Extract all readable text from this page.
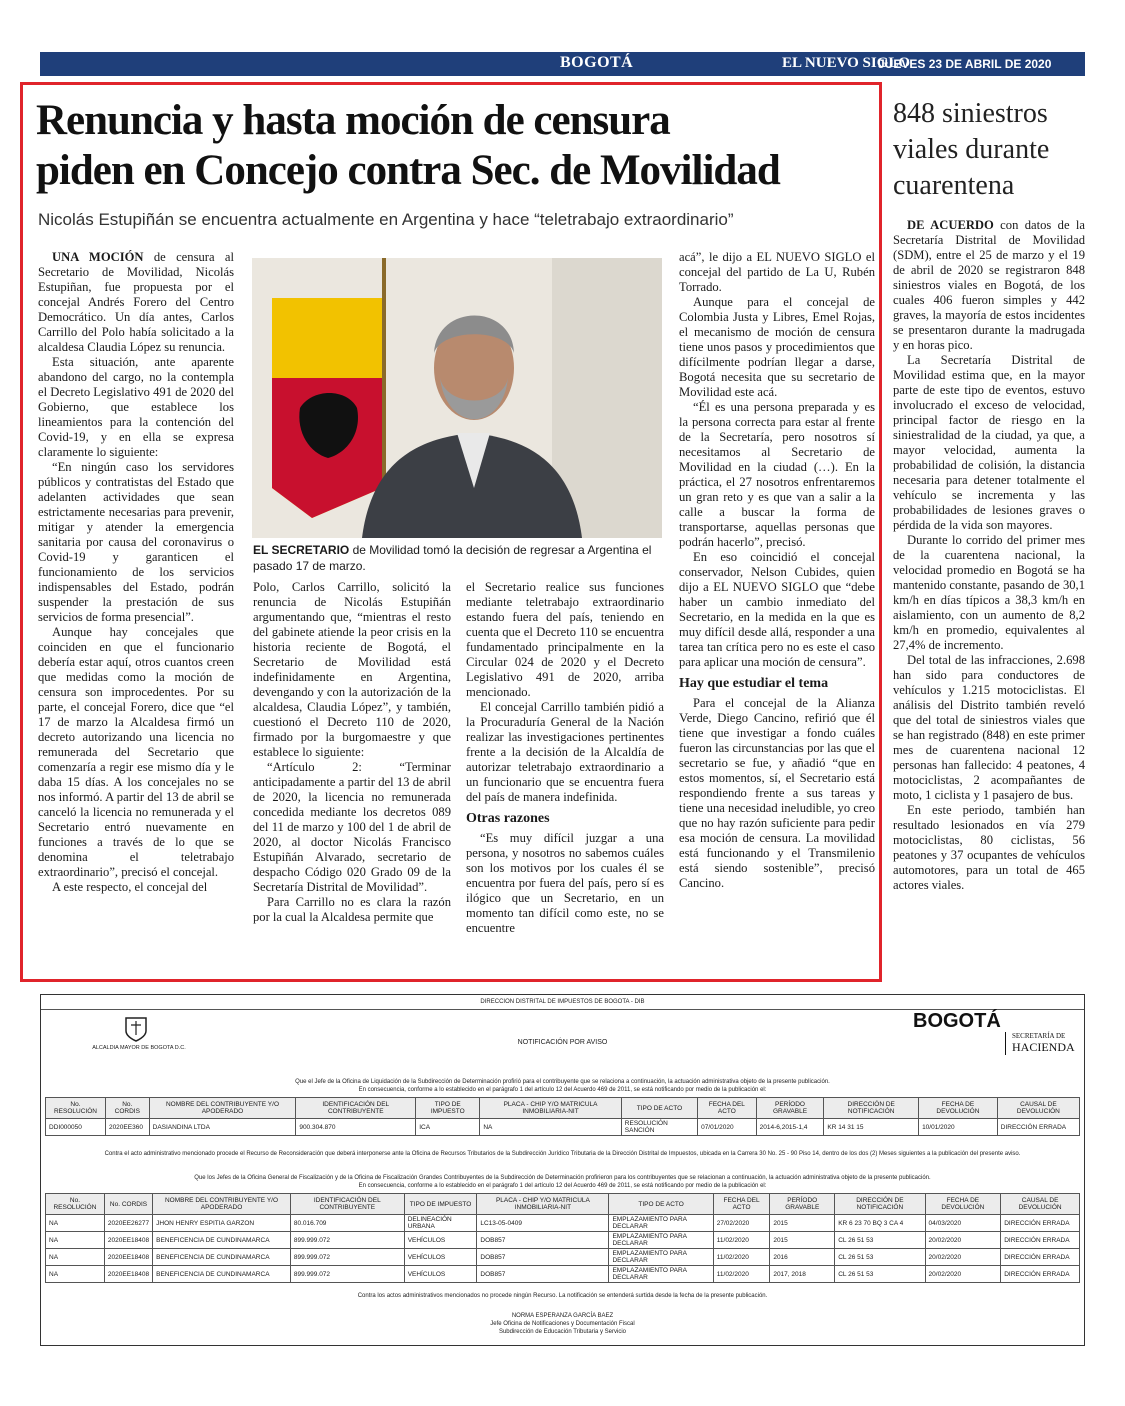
BOGOTÁ	EL NUEVO SIGLO
JUEVES 23 DE ABRIL DE 2020 19A
Renuncia y hasta moción de censura
piden en Concejo contra Sec. de Movilidad
Nicolás Estupiñán se encuentra actualmente en Argentina y hace “teletrabajo extraordinario”

UNA MOCIÓN de censura al Secretario de Movilidad, Nicolás Estupiñan, fue propuesta por el concejal Andrés Forero del Centro Democrático. Un día antes, Carlos Carrillo del Polo había solicitado a la alcaldesa Claudia López su renuncia.

Esta situación, ante aparente abandono del cargo, no la contempla el Decreto Legislativo 491 de 2020 del Gobierno, que establece los lineamientos para la contención del Covid-19, y en ella se expresa claramente lo siguiente:

“En ningún caso los servidores públicos y contratistas del Estado que adelanten actividades que sean estrictamente necesarias para prevenir, mitigar y atender la emergencia sanitaria por causa del coronavirus o Covid-19 y garanticen el funcionamiento de los servicios indispensables del Estado, podrán suspender la prestación de sus servicios de forma presencial”.

Aunque hay concejales que coinciden en que el funcionario debería estar aquí, otros cuantos creen que medidas como la moción de censura son improcedentes. Por su parte, el concejal Forero, dice que “el 17 de marzo la Alcaldesa firmó un decreto autorizando una licencia no remunerada del Secretario que comenzaría a regir ese mismo día y le daba 15 días. A los concejales no se nos informó. A partir del 13 de abril se canceló la licencia no remunerada y el Secretario entró nuevamente en funciones a través de lo que se denomina el teletrabajo extraordinario”, precisó el concejal.

A este respecto, el concejal del

EL SECRETARIO de Movilidad tomó la decisión de regresar a Argentina el pasado 17 de marzo.

Polo, Carlos Carrillo, solicitó la renuncia de Nicolás Estupiñán argumentando que, “mientras el resto del gabinete atiende la peor crisis en la historia reciente de Bogotá, el Secretario de Movilidad está indefinidamente en Argentina, devengando y con la autorización de la alcaldesa, Claudia López”, y también, cuestionó el Decreto 110 de 2020, firmado por la burgomaestre y que establece lo siguiente:

“Artículo 2: “Terminar anticipadamente a partir del 13 de abril de 2020, la licencia no remunerada concedida mediante los decretos 089 del 11 de marzo y 100 del 1 de abril de 2020, al doctor Nicolás Francisco Estupiñán Alvarado, secretario de despacho Código 020 Grado 09 de la Secretaría Distrital de Movilidad”.

Para Carrillo no es clara la razón por la cual la Alcaldesa permite que

el Secretario realice sus funciones mediante teletrabajo extraordinario estando fuera del país, teniendo en cuenta que el Decreto 110 se encuentra fundamentado principalmente en la Circular 024 de 2020 y el Decreto Legislativo 491 de 2020, arriba mencionado.

El concejal Carrillo también pidió a la Procuraduría General de la Nación realizar las investigaciones pertinentes frente a la decisión de la Alcaldía de autorizar teletrabajo extraordinario a un funcionario que se encuentra fuera del país de manera indefinida.

Otras razones

“Es muy difícil juzgar a una persona, y nosotros no sabemos cuáles son los motivos por los cuales él se encuentra por fuera del país, pero sí es ilógico que un Secretario, en un momento tan difícil como este, no se encuentre

acá”, le dijo a EL NUEVO SIGLO el concejal del partido de La U, Rubén Torrado.

Aunque para el concejal de Colombia Justa y Libres, Emel Rojas, el mecanismo de moción de censura tiene unos pasos y procedimientos que difícilmente podrían llegar a darse, Bogotá necesita que su secretario de Movilidad este acá.

“Él es una persona preparada y es la persona correcta para estar al frente de la Secretaría, pero nosotros sí necesitamos al Secretario de Movilidad en la ciudad (…). En la práctica, el 27 nosotros enfrentaremos un gran reto y es que van a salir a la calle a buscar la forma de transportarse, aquellas personas que podrán hacerlo”, precisó.

En eso coincidió el concejal conservador, Nelson Cubides, quien dijo a EL NUEVO SIGLO que “debe haber un cambio inmediato del Secretario, en la medida en la que es muy difícil desde allá, responder a una tarea tan crítica pero no es este el caso para aplicar una moción de censura”.

Hay que estudiar el tema

Para el concejal de la Alianza Verde, Diego Cancino, refirió que él tiene que investigar a fondo cuáles fueron las circunstancias por las que el secretario se fue, y añadió “que en estos momentos, sí, el Secretario está respondiendo frente a sus tareas y tiene una necesidad ineludible, yo creo que no hay razón suficiente para pedir esa moción de censura. La movilidad está funcionando y el Transmilenio está siendo sostenible”, precisó Cancino.

848 siniestros viales durante cuarentena

DE ACUERDO con datos de la Secretaría Distrital de Movilidad (SDM), entre el 25 de marzo y el 19 de abril de 2020 se registraron 848 siniestros viales en Bogotá, de los cuales 406 fueron simples y 442 graves, la mayoría de estos incidentes se presentaron durante la madrugada y en horas pico.

La Secretaría Distrital de Movilidad estima que, en la mayor parte de este tipo de eventos, estuvo involucrado el exceso de velocidad, principal factor de riesgo en la siniestralidad de la ciudad, ya que, a mayor velocidad, aumenta la probabilidad de colisión, la distancia necesaria para detener totalmente el vehículo se incrementa y las probabilidades de lesiones graves o pérdida de la vida son mayores.

Durante lo corrido del primer mes de la cuarentena nacional, la velocidad promedio en Bogotá se ha mantenido constante, pasando de 30,1 km/h en días típicos a 38,3 km/h en aislamiento, con un aumento de 8,2 km/h en promedio, equivalentes al 27,4% de incremento.

Del total de las infracciones, 2.698 han sido para conductores de vehículos y 1.215 motociclistas. El análisis del Distrito también reveló que del total de siniestros viales que se han registrado (848) en este primer mes de cuarentena nacional 12 personas han fallecido: 4 peatones, 4 motociclistas, 2 acompañantes de moto, 1 ciclista y 1 pasajero de bus.

En este periodo, también han resultado lesionados en vía 279 motociclistas, 80 ciclistas, 56 peatones y 37 ocupantes de vehículos automotores, para un total de 465 actores viales.

DIRECCION DISTRITAL DE IMPUESTOS DE BOGOTA - DIB
ALCALDIA MAYOR DE BOGOTA D.C.
NOTIFICACIÓN POR AVISO
Que el Jefe de la Oficina de Liquidación de la Subdirección de Determinación profirió para el contribuyente que se relaciona a continuación, la actuación administrativa objeto de la presente publicación.
En consecuencia, conforme a lo establecido en el parágrafo 1 del artículo 12 del Acuerdo 469 de 2011, se está notificando por medio de la publicación el:
No. RESOLUCIÓN	No. CORDIS	NOMBRE DEL CONTRIBUYENTE Y/O APODERADO	IDENTIFICACIÓN DEL CONTRIBUYENTE	TIPO DE IMPUESTO	PLACA - CHIP Y/O MATRICULA INMOBILIARIA-NIT	TIPO DE ACTO	FECHA DEL ACTO	PERÍODO GRAVABLE	DIRECCIÓN DE NOTIFICACIÓN	FECHA DE DEVOLUCIÓN	CAUSAL DE DEVOLUCIÓN
DDI000050	2020EE360	DASIANDINA LTDA	900.304.870	ICA	NA	RESOLUCIÓN SANCIÓN	07/01/2020	2014-6,2015-1,4	KR 14 31 15	10/01/2020	DIRECCIÓN ERRADA
Contra el acto administrativo mencionado procede el Recurso de Reconsideración que deberá interponerse ante la Oficina de Recursos Tributarios de la Subdirección Jurídico Tributaria de la Dirección Distrital de Impuestos, ubicada en la Carrera 30 No. 25 - 90 Piso 14, dentro de los dos (2) Meses siguientes a la publicación del presente aviso.
Que los Jefes de la Oficina General de Fiscalización y de la Oficina de Fiscalización Grandes Contribuyentes de la Subdirección de Determinación profirieron para los contribuyentes que se relacionan a continuación, la actuación administrativa objeto de la presente publicación.
En consecuencia, conforme a lo establecido en el parágrafo 1 del artículo 12 del Acuerdo 469 de 2011, se está notificando por medio de la publicación el:
No. RESOLUCIÓN	No. CORDIS	NOMBRE DEL CONTRIBUYENTE Y/O APODERADO	IDENTIFICACIÓN DEL CONTRIBUYENTE	TIPO DE IMPUESTO	PLACA - CHIP Y/O MATRICULA INMOBILIARIA-NIT	TIPO DE ACTO	FECHA DEL ACTO	PERÍODO GRAVABLE	DIRECCIÓN DE NOTIFICACIÓN	FECHA DE DEVOLUCIÓN	CAUSAL DE DEVOLUCIÓN
NA	2020EE26277	JHON HENRY ESPITIA GARZON	80.016.709	DELINEACIÓN URBANA	LC13-05-0409	EMPLAZAMIENTO PARA DECLARAR	27/02/2020	2015	KR 6 23 70 BQ 3 CA 4	04/03/2020	DIRECCIÓN ERRADA
NA	2020EE18408	BENEFICENCIA DE CUNDINAMARCA	899.999.072	VEHÍCULOS	DOB857	EMPLAZAMIENTO PARA DECLARAR	11/02/2020	2015	CL 26 51 53	20/02/2020	DIRECCIÓN ERRADA
NA	2020EE18408	BENEFICENCIA DE CUNDINAMARCA	899.999.072	VEHÍCULOS	DOB857	EMPLAZAMIENTO PARA DECLARAR	11/02/2020	2016	CL 26 51 53	20/02/2020	DIRECCIÓN ERRADA
NA	2020EE18408	BENEFICENCIA DE CUNDINAMARCA	899.999.072	VEHÍCULOS	DOB857	EMPLAZAMIENTO PARA DECLARAR	11/02/2020	2017, 2018	CL 26 51 53	20/02/2020	DIRECCIÓN ERRADA
Contra los actos administrativos mencionados no procede ningún Recurso. La notificación se entenderá surtida desde la fecha de la presente publicación.
NORMA ESPERANZA GARCÍA BAEZ
Jefe Oficina de Notificaciones y Documentación Fiscal
Subdirección de Educación Tributaria y Servicio
BOGOTÁ
SECRETARÍA DE
HACIENDA
